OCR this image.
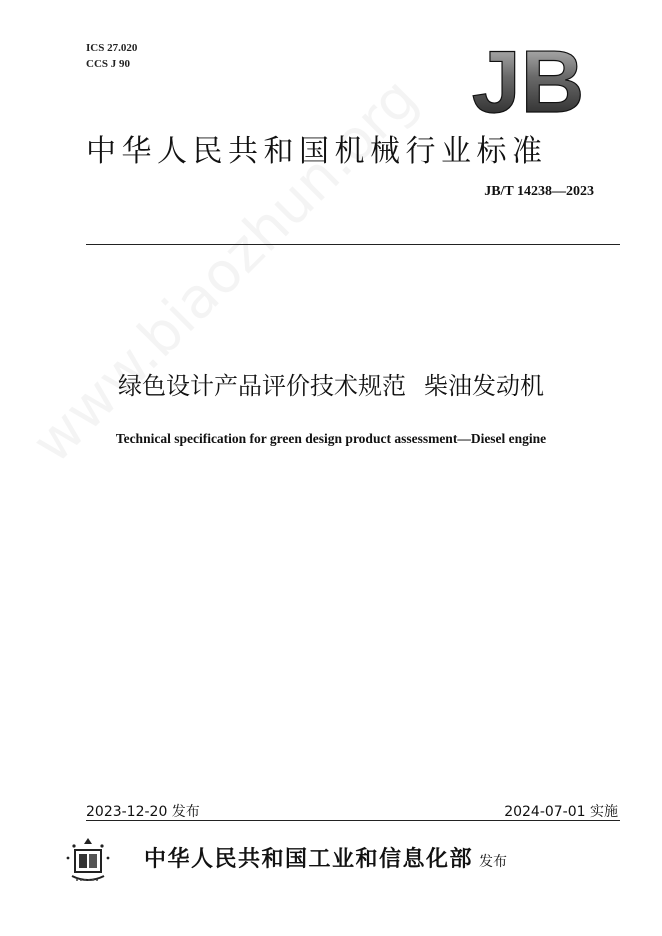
ICS 27.020
CCS J 90	JB
中华人民共和国机械行业标准
JB/T 14238—2023
绿色设计产品评价技术规范 柴油发动机
Technical specification for green design product assessment—Diesel engine
2023-12-20 发布	2024-07-01 实施
中华人民共和国工业和信息化部 发布
